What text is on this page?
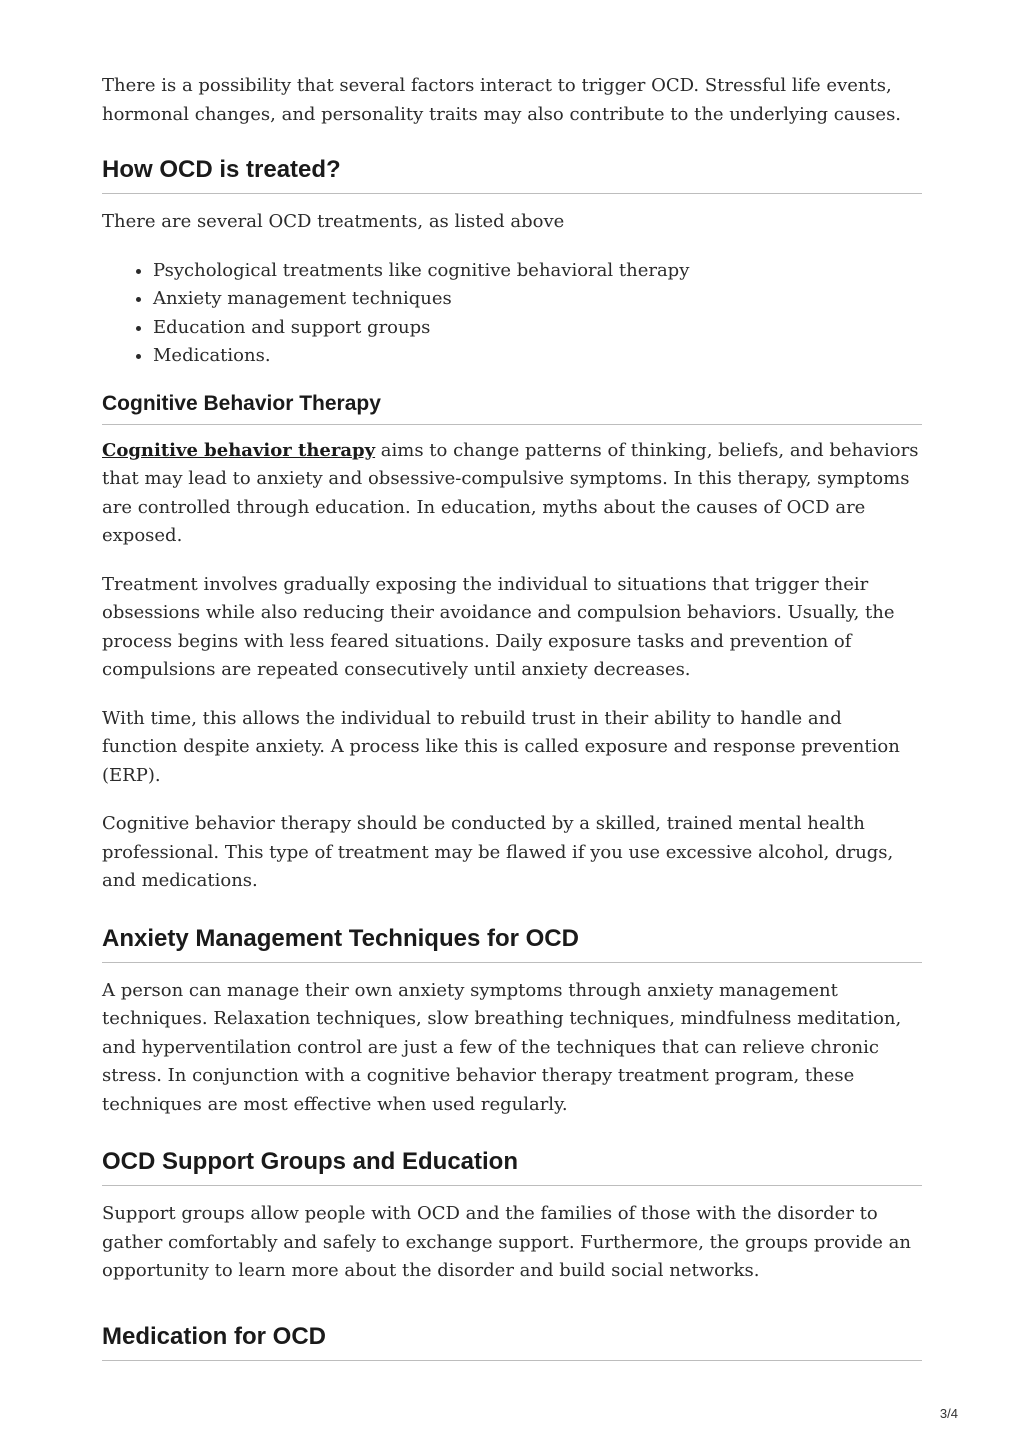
There is a possibility that several factors interact to trigger OCD. Stressful life events, hormonal changes, and personality traits may also contribute to the underlying causes.

How OCD is treated?

There are several OCD treatments, as listed above

• Psychological treatments like cognitive behavioral therapy
• Anxiety management techniques
• Education and support groups
• Medications.
Cognitive Behavior Therapy

Cognitive behavior therapy aims to change patterns of thinking, beliefs, and behaviors that may lead to anxiety and obsessive-compulsive symptoms. In this therapy, symptoms are controlled through education. In education, myths about the causes of OCD are exposed.

Treatment involves gradually exposing the individual to situations that trigger their obsessions while also reducing their avoidance and compulsion behaviors. Usually, the process begins with less feared situations. Daily exposure tasks and prevention of compulsions are repeated consecutively until anxiety decreases.

With time, this allows the individual to rebuild trust in their ability to handle and function despite anxiety. A process like this is called exposure and response prevention (ERP).

Cognitive behavior therapy should be conducted by a skilled, trained mental health professional. This type of treatment may be flawed if you use excessive alcohol, drugs, and medications.

Anxiety Management Techniques for OCD

A person can manage their own anxiety symptoms through anxiety management techniques. Relaxation techniques, slow breathing techniques, mindfulness meditation, and hyperventilation control are just a few of the techniques that can relieve chronic stress. In conjunction with a cognitive behavior therapy treatment program, these techniques are most effective when used regularly.

OCD Support Groups and Education

Support groups allow people with OCD and the families of those with the disorder to gather comfortably and safely to exchange support. Furthermore, the groups provide an opportunity to learn more about the disorder and build social networks.

Medication for OCD
3/4
